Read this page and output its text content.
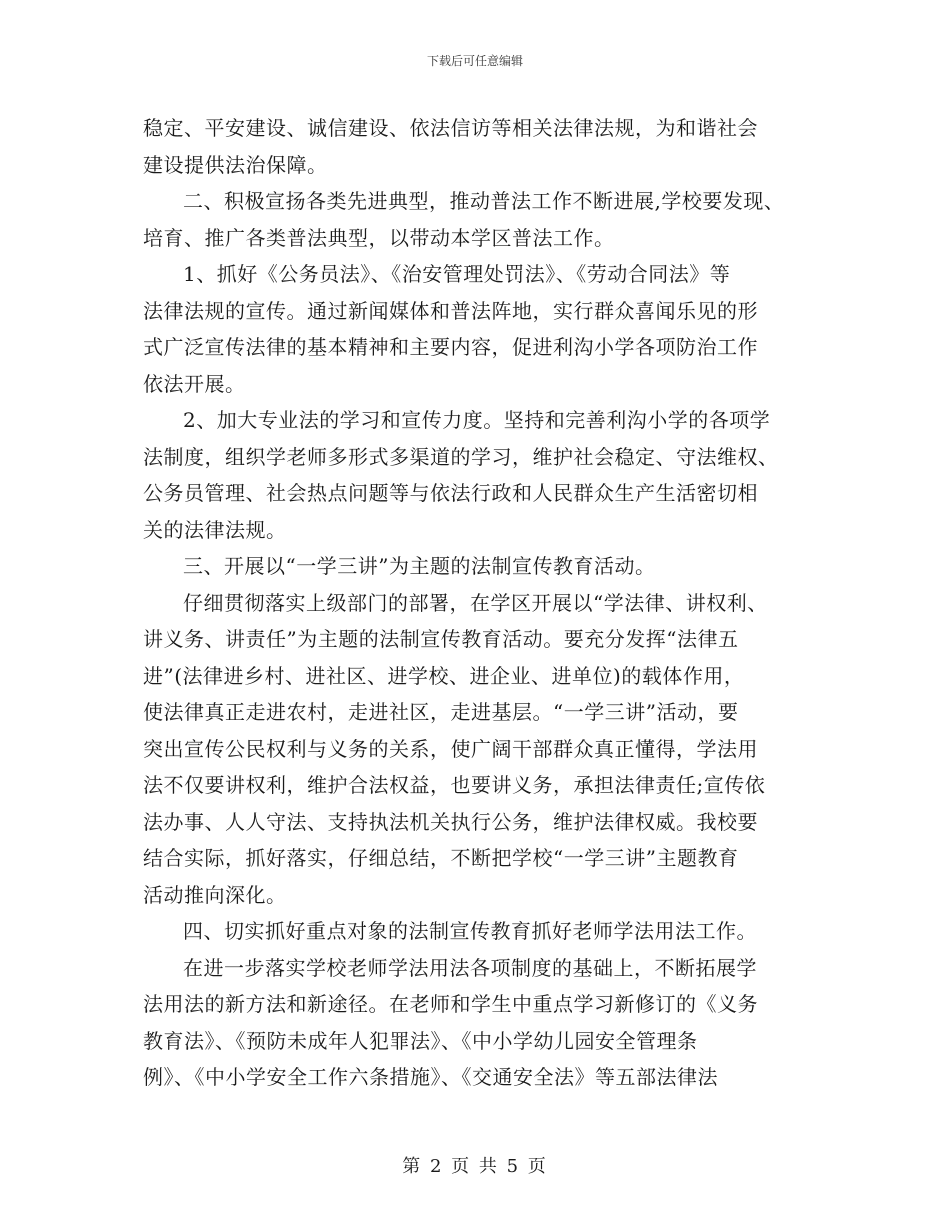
下载后可任意编辑
稳定、平安建设、诚信建设、依法信访等相关法律法规，为和谐社会
建设提供法治保障。
二、积极宣扬各类先进典型，推动普法工作不断进展,学校要发现、
培育、推广各类普法典型，以带动本学区普法工作。
1、抓好《公务员法》、《治安管理处罚法》、《劳动合同法》等
法律法规的宣传。通过新闻媒体和普法阵地，实行群众喜闻乐见的形
式广泛宣传法律的基本精神和主要内容，促进利沟小学各项防治工作
依法开展。
2、加大专业法的学习和宣传力度。坚持和完善利沟小学的各项学
法制度，组织学老师多形式多渠道的学习，维护社会稳定、守法维权、
公务员管理、社会热点问题等与依法行政和人民群众生产生活密切相
关的法律法规。
三、开展以“一学三讲”为主题的法制宣传教育活动。
仔细贯彻落实上级部门的部署，在学区开展以“学法律、讲权利、
讲义务、讲责任”为主题的法制宣传教育活动。要充分发挥“法律五
进”(法律进乡村、进社区、进学校、进企业、进单位)的载体作用，
使法律真正走进农村，走进社区，走进基层。“一学三讲”活动，要
突出宣传公民权利与义务的关系，使广阔干部群众真正懂得，学法用
法不仅要讲权利，维护合法权益，也要讲义务，承担法律责任;宣传依
法办事、人人守法、支持执法机关执行公务，维护法律权威。我校要
结合实际，抓好落实，仔细总结，不断把学校“一学三讲”主题教育
活动推向深化。
四、切实抓好重点对象的法制宣传教育抓好老师学法用法工作。
在进一步落实学校老师学法用法各项制度的基础上，不断拓展学
法用法的新方法和新途径。在老师和学生中重点学习新修订的《义务
教育法》、《预防未成年人犯罪法》、《中小学幼儿园安全管理条
例》、《中小学安全工作六条措施》、《交通安全法》等五部法律法
第 2 页 共 5 页
